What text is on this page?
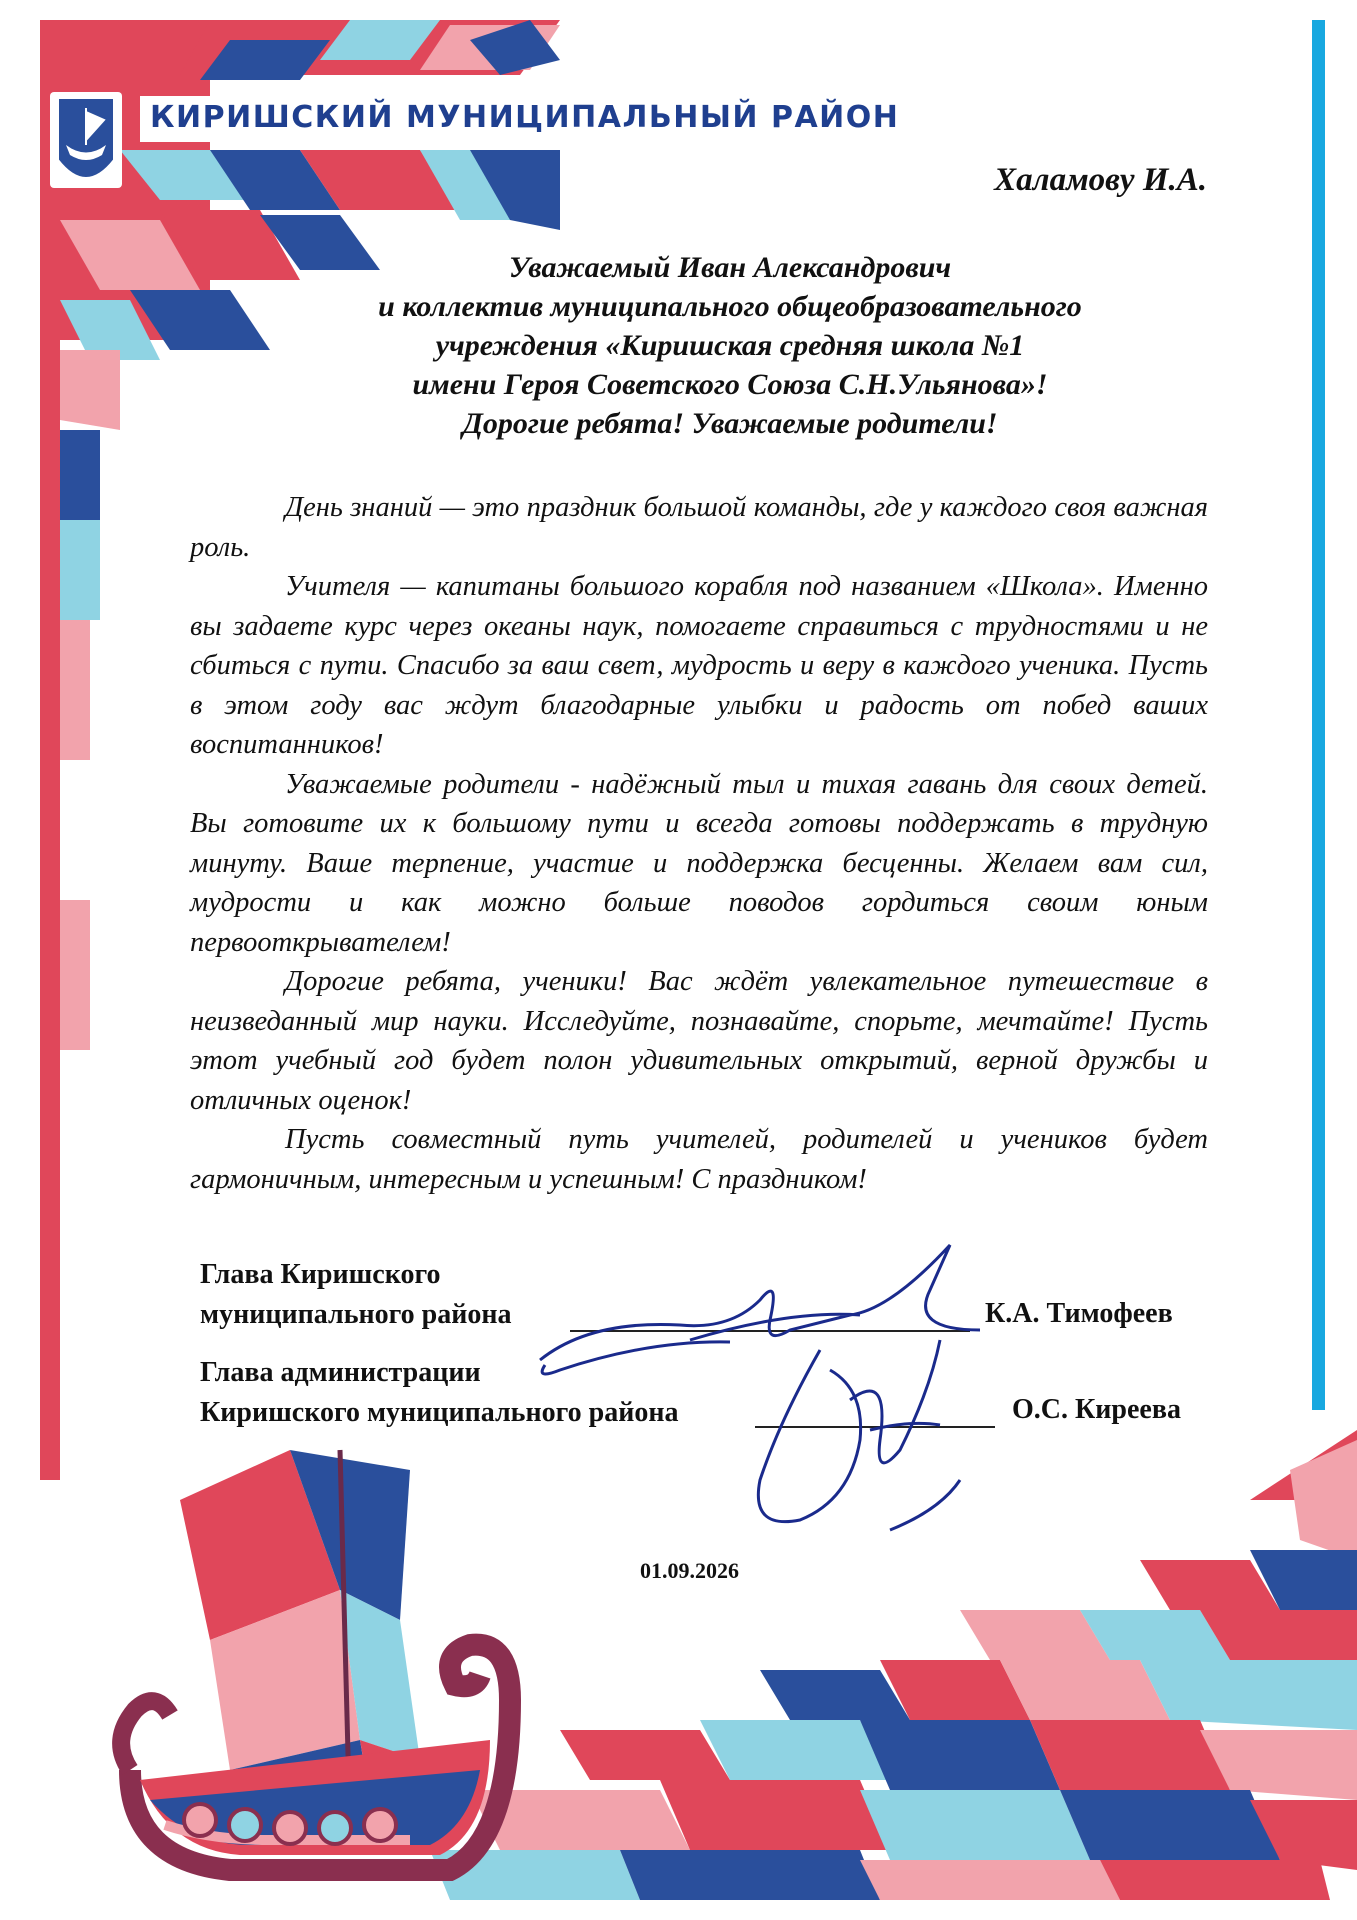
КИРИШСКИЙ МУНИЦИПАЛЬНЫЙ РАЙОН
Халамову И.А.
Уважаемый Иван Александрович
и коллектив муниципального общеобразовательного
учреждения «Киришская средняя школа №1
имени Героя Советского Союза С.Н.Ульянова»!
Дорогие ребята! Уважаемые родители!

День знаний — это праздник большой команды, где у каждого своя важная роль.

Учителя — капитаны большого корабля под названием «Школа». Именно вы задаете курс через океаны наук, помогаете справиться с трудностями и не сбиться с пути. Спасибо за ваш свет, мудрость и веру в каждого ученика. Пусть в этом году вас ждут благодарные улыбки и радость от побед ваших воспитанников!

Уважаемые родители - надёжный тыл и тихая гавань для своих детей. Вы готовите их к большому пути и всегда готовы поддержать в трудную минуту. Ваше терпение, участие и поддержка бесценны. Желаем вам сил, мудрости и как можно больше поводов гордиться своим юным первооткрывателем!

Дорогие ребята, ученики! Вас ждёт увлекательное путешествие в неизведанный мир науки. Исследуйте, познавайте, спорьте, мечтайте! Пусть этот учебный год будет полон удивительных открытий, верной дружбы и отличных оценок!

Пусть совместный путь учителей, родителей и учеников будет гармоничным, интересным и успешным! С праздником!

Глава Киришского
муниципального района	К.А. Тимофеев
Глава администрации
Киришского муниципального района	О.С. Киреева
01.09.2026
